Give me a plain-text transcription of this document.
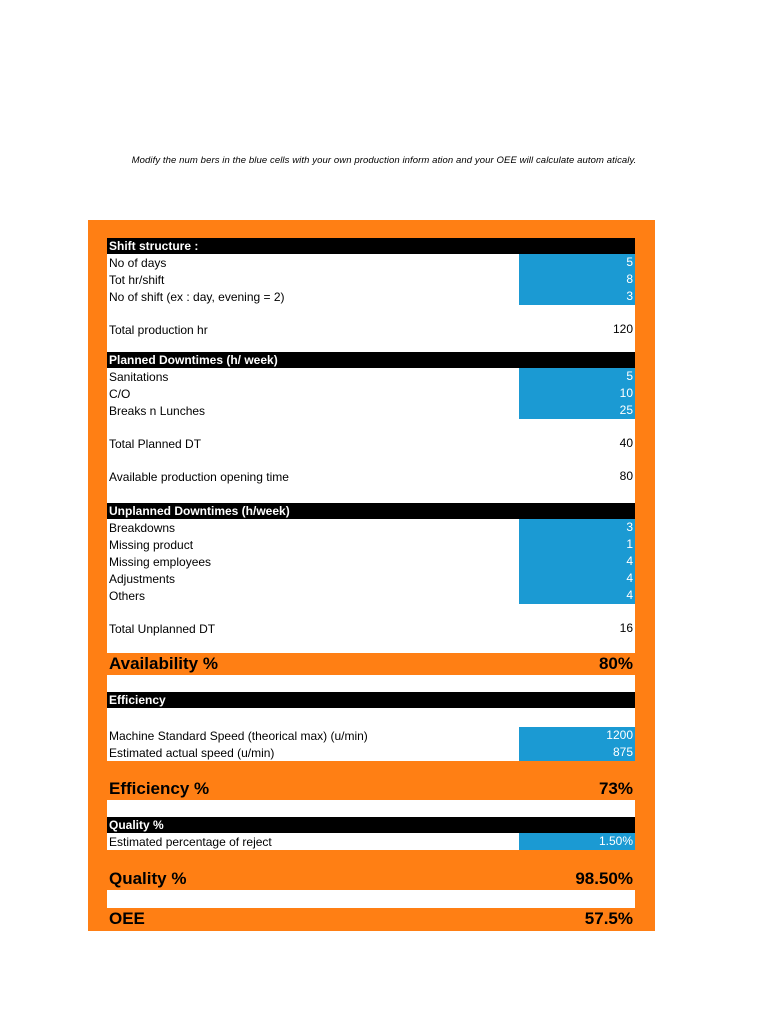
Modify the num bers in the blue cells with your own production inform ation and your OEE will calculate autom aticaly.
Shift structure :
No of days	5
Tot hr/shift	8
No of shift (ex : day, evening = 2)	3
Total production hr	120
Planned Downtimes (h/ week)
Sanitations	5
C/O	10
Breaks n Lunches	25
Total Planned DT	40
Available production opening time	80
Unplanned Downtimes (h/week)
Breakdowns	3
Missing product	1
Missing employees	4
Adjustments	4
Others	4
Total Unplanned DT	16
Availability %	80%
Efficiency
Machine Standard Speed (theorical max) (u/min)	1200
Estimated actual speed (u/min)	875
Efficiency %	73%
Quality %
Estimated percentage of reject	1.50%
Quality %	98.50%
OEE	57.5%
